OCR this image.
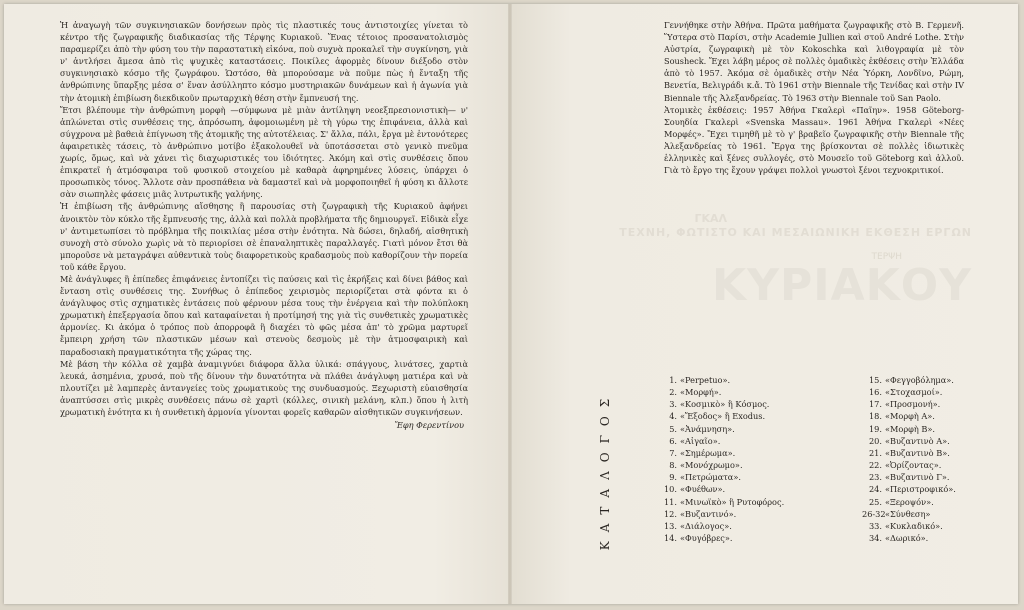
Ἡ ἀναγωγὴ τῶν συγκινησιακῶν δονήσεων πρὸς τὶς πλαστικές τους ἀντιστοιχίες γίνεται τὸ κέντρο τῆς ζωγραφικῆς διαδικασίας τῆς Τέρψης Κυριακοῦ. Ἕνας τέτοιος προσανατολισμὸς παραμερίζει ἀπὸ τὴν φύση του τὴν παραστατικὴ εἰκόνα, ποὺ συχνὰ προκαλεῖ τὴν συγκίνηση, γιὰ ν' ἀντλήσει ἄμεσα ἀπὸ τὶς ψυχικὲς καταστάσεις. Ποικίλες ἀφορμὲς δίνουν διέξοδο στὸν συγκινησιακὸ κόσμο τῆς ζωγράφου. Ὡστόσο, θὰ μπορούσαμε νὰ ποῦμε πὼς ἡ ἔνταξη τῆς ἀνθρώπινης ὕπαρξης μέσα σ' ἕναν ἀσύλληπτο κόσμο μυστηριακῶν δυνάμεων καὶ ἡ ἀγωνία γιὰ τὴν ἀτομικὴ ἐπιβίωση διεκδικοῦν πρωταρχικὴ θέση στὴν ἔμπνευσή της.

Ἔτσι βλέπουμε τὴν ἀνθρώπινη μορφὴ —σύμφωνα μὲ μιὰν ἀντίληψη νεοεξπρεσιονιστικὴ— ν' ἀπλώνεται στὶς συνθέσεις της, ἀπρόσωπη, ἀφομοιωμένη μὲ τὴ γύρω της ἐπιφάνεια, ἀλλὰ καὶ σύγχρονα μὲ βαθειὰ ἐπίγνωση τῆς ἀτομικῆς της αὐτοτέλειας. Σ' ἄλλα, πάλι, ἔργα μὲ ἐντονότερες ἀφαιρετικὲς τάσεις, τὸ ἀνθρώπινο μοτίβο ἐξακολουθεῖ νὰ ὑποτάσσεται στὸ γενικὸ πνεῦμα χωρίς, ὅμως, καὶ νὰ χάνει τὶς διαχωριστικές του ἰδιότητες. Ἀκόμη καὶ στὶς συνθέσεις ὅπου ἐπικρατεῖ ἡ ἀτμόσφαιρα τοῦ φυσικοῦ στοιχείου μὲ καθαρὰ ἀφηρημένες λύσεις, ὑπάρχει ὁ προσωπικὸς τόνος. Ἄλλοτε σὰν προσπάθεια νὰ δαμαστεῖ καὶ νὰ μορφοποιηθεῖ ἡ φύση κι ἄλλοτε σὰν σιωπηλὲς φάσεις μιᾶς λυτρωτικῆς γαλήνης.

Ἡ ἐπιβίωση τῆς ἀνθρώπινης αἴσθησης ἢ παρουσίας στὴ ζωγραφικὴ τῆς Κυριακοῦ ἀφήνει ἀνοικτὸν τὸν κύκλο τῆς ἔμπνευσής της, ἀλλὰ καὶ πολλὰ προβλήματα τῆς δημιουργεῖ. Εἰδικὰ εἶχε ν' ἀντιμετωπίσει τὸ πρόβλημα τῆς ποικιλίας μέσα στὴν ἑνότητα. Νὰ δώσει, δηλαδή, αἰσθητικὴ συνοχὴ στὸ σύνολο χωρὶς νὰ τὸ περιορίσει σὲ ἐπαναληπτικὲς παραλλαγές. Γιατὶ μόνον ἔτσι θὰ μποροῦσε νὰ μεταγράψει αὐθεντικὰ τοὺς διαφορετικοὺς κραδασμοὺς ποὺ καθορίζουν τὴν πορεία τοῦ κάθε ἔργου.

Μὲ ἀνάγλυφες ἢ ἐπίπεδες ἐπιφάνειες ἐντοπίζει τὶς παύσεις καὶ τὶς ἐκρήξεις καὶ δίνει βάθος καὶ ἔνταση στὶς συνθέσεις της. Συνήθως ὁ ἐπίπεδος χειρισμὸς περιορίζεται στὰ φόντα κι ὁ ἀνάγλυφος στὶς σχηματικὲς ἐντάσεις ποὺ φέρνουν μέσα τους τὴν ἐνέργεια καὶ τὴν πολύπλοκη χρωματικὴ ἐπεξεργασία ὅπου καὶ καταφαίνεται ἡ προτίμησή της γιὰ τὶς συνθετικὲς χρωματικὲς ἁρμονίες. Κι ἀκόμα ὁ τρόπος ποὺ ἀπορροφᾶ ἢ διαχέει τὸ φῶς μέσα ἀπ' τὸ χρῶμα μαρτυρεῖ ἔμπειρη χρήση τῶν πλαστικῶν μέσων καὶ στενοὺς δεσμοὺς μὲ τὴν ἀτμοσφαιρικὴ καὶ παραδοσιακὴ πραγματικότητα τῆς χώρας της.

Μὲ βάση τὴν κόλλα σὲ χαμβὰ ἀναμιγνύει διάφορα ἄλλα ὑλικά: σπάγγους, λινάτσες, χαρτιὰ λευκά, ἀσημένια, χρυσά, ποὺ τῆς δίνουν τὴν δυνατότητα νὰ πλάθει ἀνάγλυφη ματιέρα καὶ νὰ πλουτίζει μὲ λαμπερὲς ἀντανγείες τοὺς χρωματικοὺς της συνδυασμούς. Ξεχωριστὴ εὐαισθησία ἀναπτύσσει στὶς μικρὲς συνθέσεις πάνω σὲ χαρτὶ (κόλλες, σινικὴ μελάνη, κλπ.) ὅπου ἡ λιτὴ χρωματικὴ ἑνότητα κι ἡ συνθετικὴ ἁρμονία γίνονται φορεῖς καθαρῶν αἰσθητικῶν συγκινήσεων.

Ἔφη Φερεντίνου

Γεννήθηκε στὴν Ἀθήνα. Πρῶτα μαθήματα ζωγραφικῆς στὸ Β. Γερμενῆ. Ὕστερα στὸ Παρίσι, στὴν Academie Jullien καὶ στοῦ André Lothe. Στὴν Αὐστρία, ζωγραφικὴ μὲ τὸν Kokoschka καὶ λιθογραφία μὲ τὸν Sousheck. Ἔχει λάβη μέρος σὲ πολλὲς ὁμαδικὲς ἐκθέσεις στὴν Ἑλλάδα ἀπὸ τὸ 1957. Ἀκόμα σὲ ὁμαδικὲς στὴν Νέα Ὑόρκη, Λονδῖνο, Ρώμη, Βενετία, Βελιγράδι κ.ἄ. Τὸ 1961 στὴν Biennale τῆς Τενίδας καὶ στὴν IV Biennale τῆς Ἀλεξανδρείας. Τὸ 1963 στὴν Biennale τοῦ San Paolo.

Ἀτομικὲς ἐκθέσεις: 1957 Ἀθήνα Γκαλερὶ «Παῖην». 1958 Göteborg-Σουηδία Γκαλερὶ «Svenska Massau». 1961 Ἀθήνα Γκαλερὶ «Νέες Μορφές». Ἔχει τιμηθῆ μὲ τὸ γ' βραβεῖο ζωγραφικῆς στὴν Biennale τῆς Ἀλεξανδρείας τὸ 1961. Ἔργα της βρίσκονται σὲ πολλὲς ἰδιωτικὲς ἑλληνικὲς καὶ ξένες συλλογές, στὸ Μουσεῖο τοῦ Göteborg καὶ ἀλλοῦ. Γιὰ τὸ ἔργο της ἔχουν γράψει πολλοὶ γνωστοὶ ξένοι τεχνοκριτικοί.

ΓΚΑΛ
ΤΕΧΝΗ, ΦΩΤΙΣΤΟ ΚΑΙ ΜΕΣΑΙΩΝΙΚΗ ΕΚΘΕΣΗ ΕΡΓΩΝ
ΤΕΡΨΗ
ΚΥΡΙΑΚΟΥ
ΚΑΤΑΛΟΓΟΣ
1. «Perpetuo».
2. «Μορφή».
3. «Κοσμικὸ» ἢ Κόσμος.
4. «Ἔξοδος» ἢ Exodus.
5. «Ἀνάμνηση».
6. «Αἰγαῖο».
7. «Σημέρωμα».
8. «Μονόχρωμο».
9. «Πετρώματα».
10. «Φυέθων».
11. «Μινωϊκὸ» ἢ Ρυτοφόρος.
12. «Βυζαντινό».
13. «Διάλογος».
14. «Φυγόβρες».
15. «Φεγγοβόλημα».
16. «Στοχασμοί».
17. «Προσμονή».
18. «Μορφὴ Α».
19. «Μορφὴ Β».
20. «Βυζαντινὸ Α».
21. «Βυζαντινὸ Β».
22. «Ὀρίζοντας».
23. «Βυζαντινὸ Γ».
24. «Περιστροφικό».
25. «Ξεροψόν».
26-32«Σύνθεση»
33. «Κυκλαδικό».
34. «Δωρικό».
